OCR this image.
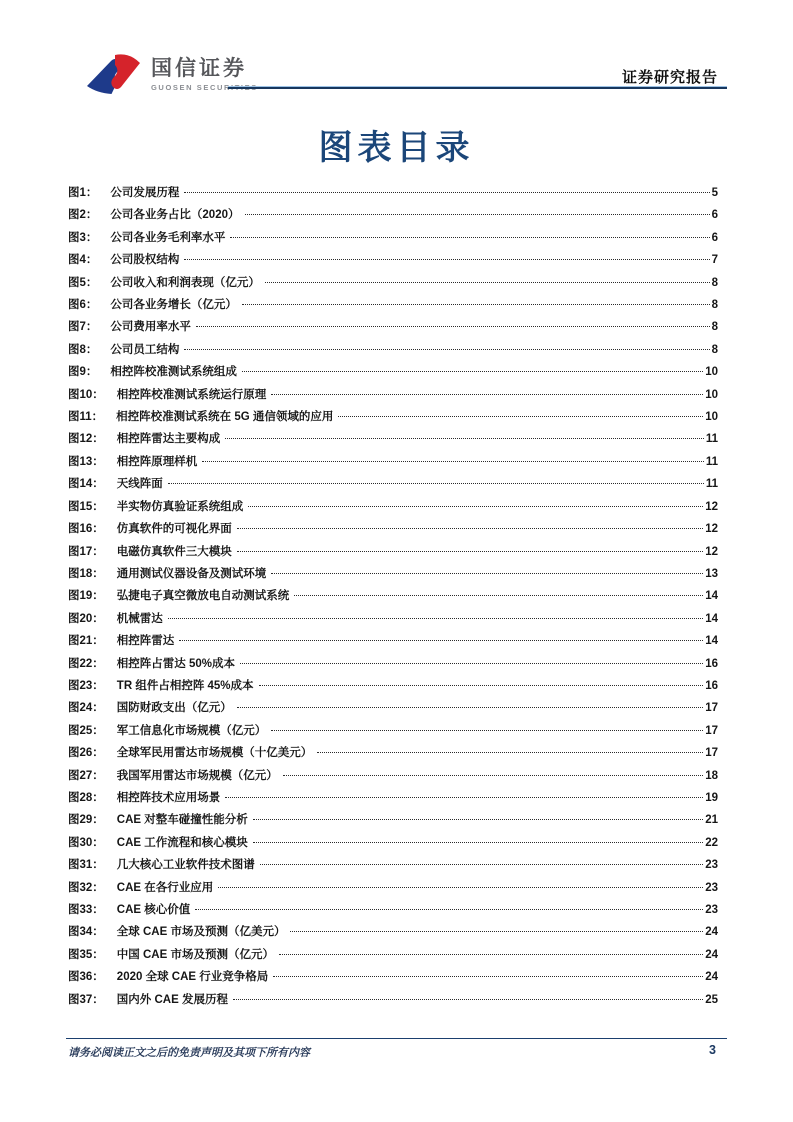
国信证券
GUOSEN SECURITIES
证券研究报告
图表目录
图1： 公司发展历程	5
图2： 公司各业务占比（2020）	6
图3： 公司各业务毛利率水平	6
图4： 公司股权结构	7
图5： 公司收入和利润表现（亿元）	8
图6： 公司各业务增长（亿元）	8
图7： 公司费用率水平	8
图8： 公司员工结构	8
图9： 相控阵校准测试系统组成	10
图10： 相控阵校准测试系统运行原理	10
图11： 相控阵校准测试系统在 5G 通信领域的应用	10
图12： 相控阵雷达主要构成	11
图13： 相控阵原理样机	11
图14： 天线阵面	11
图15： 半实物仿真验证系统组成	12
图16： 仿真软件的可视化界面	12
图17： 电磁仿真软件三大模块	12
图18： 通用测试仪器设备及测试环境	13
图19： 弘捷电子真空微放电自动测试系统	14
图20： 机械雷达	14
图21： 相控阵雷达	14
图22： 相控阵占雷达 50%成本	16
图23： TR 组件占相控阵 45%成本	16
图24： 国防财政支出（亿元）	17
图25： 军工信息化市场规模（亿元）	17
图26： 全球军民用雷达市场规模（十亿美元）	17
图27： 我国军用雷达市场规模（亿元）	18
图28： 相控阵技术应用场景	19
图29： CAE 对整车碰撞性能分析	21
图30： CAE 工作流程和核心模块	22
图31： 几大核心工业软件技术图谱	23
图32： CAE 在各行业应用	23
图33： CAE 核心价值	23
图34： 全球 CAE 市场及预测（亿美元）	24
图35： 中国 CAE 市场及预测（亿元）	24
图36： 2020 全球 CAE 行业竞争格局	24
图37： 国内外 CAE 发展历程	25
请务必阅读正文之后的免责声明及其项下所有内容	3
